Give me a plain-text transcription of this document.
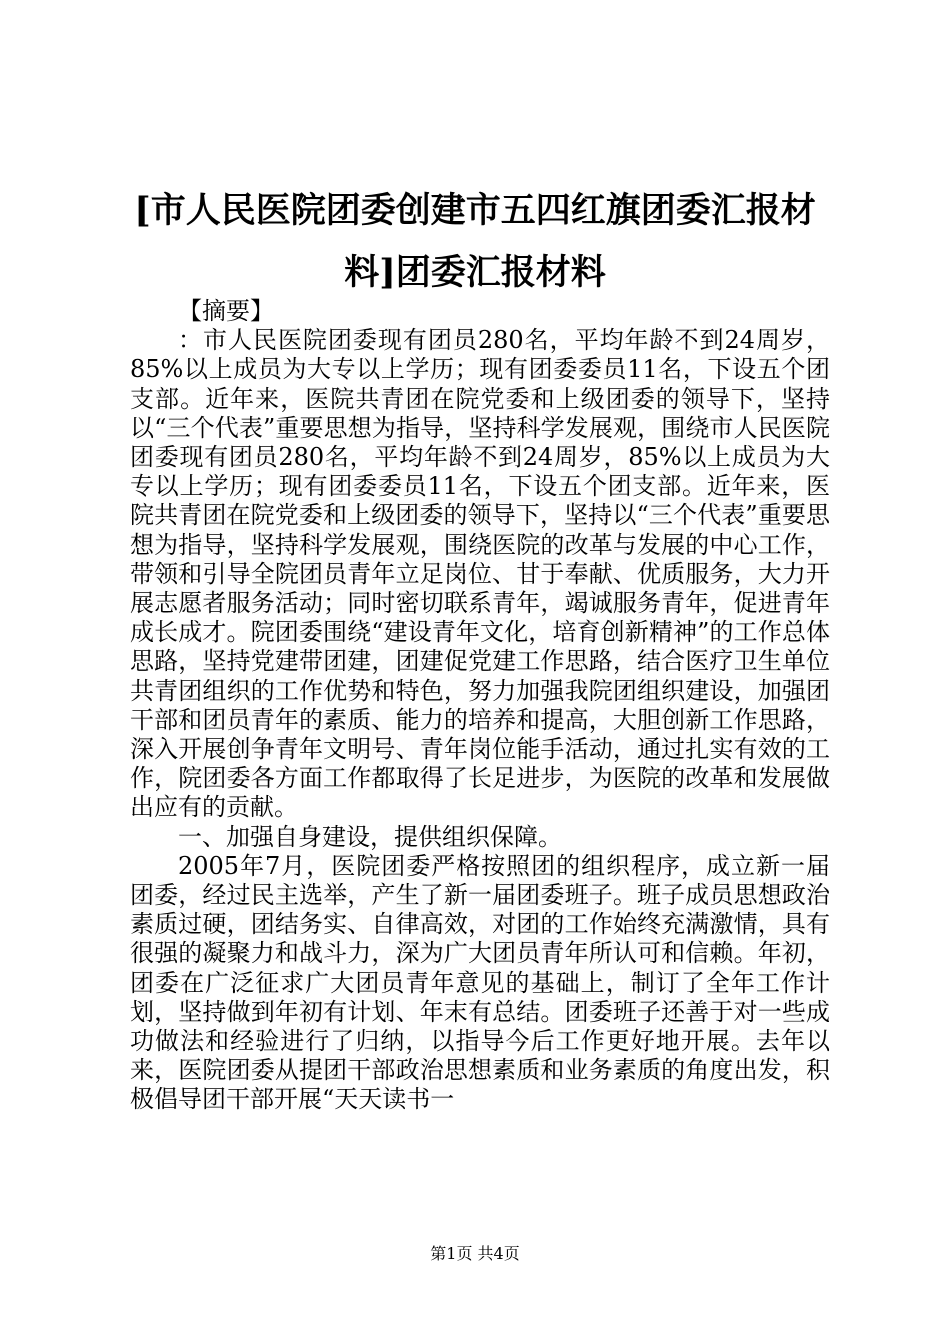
[市人民医院团委创建市五四红旗团委汇报材料]团委汇报材料

【摘要】

：市人民医院团委现有团员280名，平均年龄不到24周岁，85%以上成员为大专以上学历；现有团委委员11名，下设五个团支部。近年来，医院共青团在院党委和上级团委的领导下，坚持以“三个代表”重要思想为指导，坚持科学发展观，围绕市人民医院团委现有团员280名，平均年龄不到24周岁，85%以上成员为大专以上学历；现有团委委员11名，下设五个团支部。近年来，医院共青团在院党委和上级团委的领导下，坚持以“三个代表”重要思想为指导，坚持科学发展观，围绕医院的改革与发展的中心工作，带领和引导全院团员青年立足岗位、甘于奉献、优质服务，大力开展志愿者服务活动；同时密切联系青年，竭诚服务青年，促进青年成长成才。院团委围绕“建设青年文化，培育创新精神”的工作总体思路，坚持党建带团建，团建促党建工作思路，结合医疗卫生单位共青团组织的工作优势和特色，努力加强我院团组织建设，加强团干部和团员青年的素质、能力的培养和提高，大胆创新工作思路，深入开展创争青年文明号、青年岗位能手活动，通过扎实有效的工作，院团委各方面工作都取得了长足进步，为医院的改革和发展做出应有的贡献。

一、加强自身建设，提供组织保障。

2005年7月，医院团委严格按照团的组织程序，成立新一届团委，经过民主选举，产生了新一届团委班子。班子成员思想政治素质过硬，团结务实、自律高效，对团的工作始终充满激情，具有很强的凝聚力和战斗力，深为广大团员青年所认可和信赖。年初，团委在广泛征求广大团员青年意见的基础上，制订了全年工作计划，坚持做到年初有计划、年末有总结。团委班子还善于对一些成功做法和经验进行了归纳，以指导今后工作更好地开展。去年以来，医院团委从提团干部政治思想素质和业务素质的角度出发，积极倡导团干部开展“天天读书一

第1页 共4页
